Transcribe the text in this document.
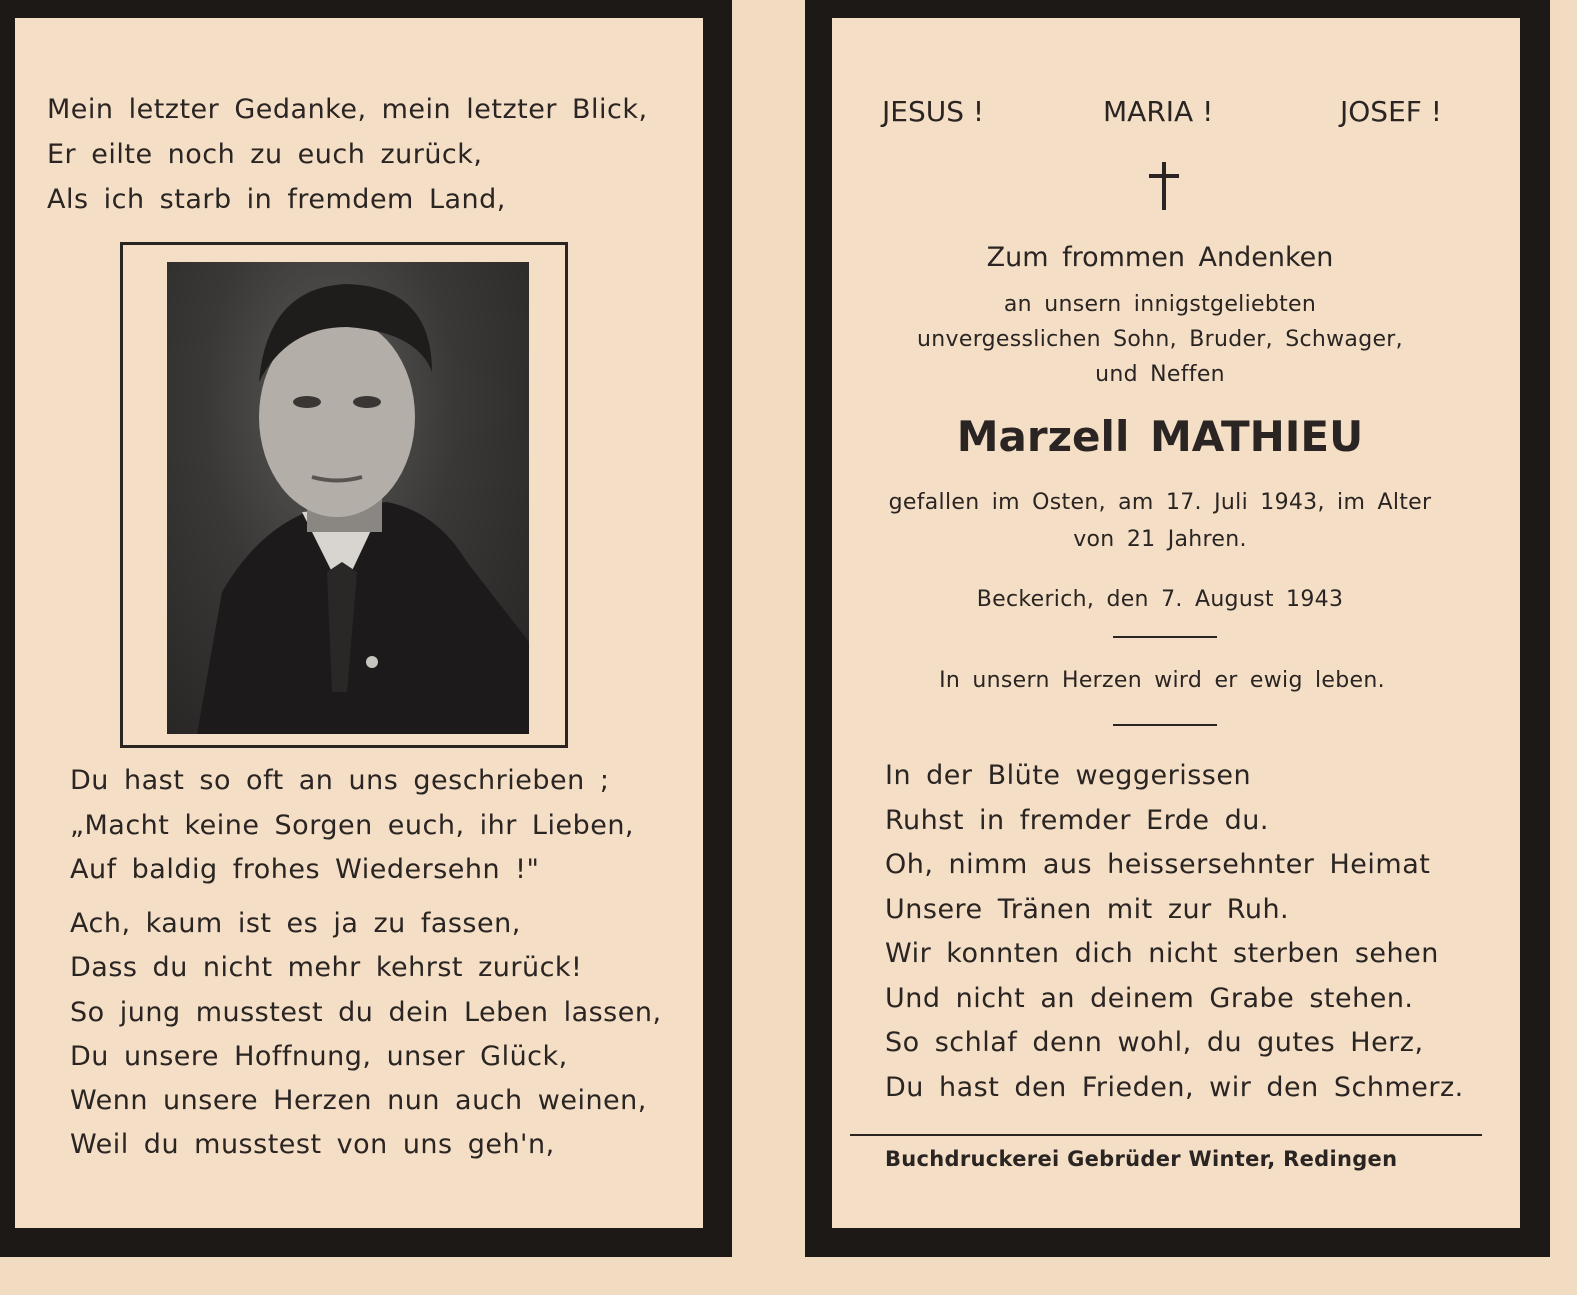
Mein letzter Gedanke, mein letzter Blick,
Er eilte noch zu euch zurück,
Als ich starb in fremdem Land,
Du hast so oft an uns geschrieben ;
„Macht keine Sorgen euch, ihr Lieben,
Auf baldig frohes Wiedersehn !"
Ach, kaum ist es ja zu fassen,
Dass du nicht mehr kehrst zurück!
So jung musstest du dein Leben lassen,
Du unsere Hoffnung, unser Glück,
Wenn unsere Herzen nun auch weinen,
Weil du musstest von uns geh'n,
JESUS !	MARIA !	JOSEF !
Zum frommen Andenken
an unsern innigstgeliebten
unvergesslichen Sohn, Bruder, Schwager,
und Neffen
Marzell MATHIEU
gefallen im Osten, am 17. Juli 1943, im Alter
von 21 Jahren.
Beckerich, den 7. August 1943
In unsern Herzen wird er ewig leben.
In der Blüte weggerissen
Ruhst in fremder Erde du.
Oh, nimm aus heissersehnter Heimat
Unsere Tränen mit zur Ruh.
Wir konnten dich nicht sterben sehen
Und nicht an deinem Grabe stehen.
So schlaf denn wohl, du gutes Herz,
Du hast den Frieden, wir den Schmerz.
Buchdruckerei Gebrüder Winter, Redingen
